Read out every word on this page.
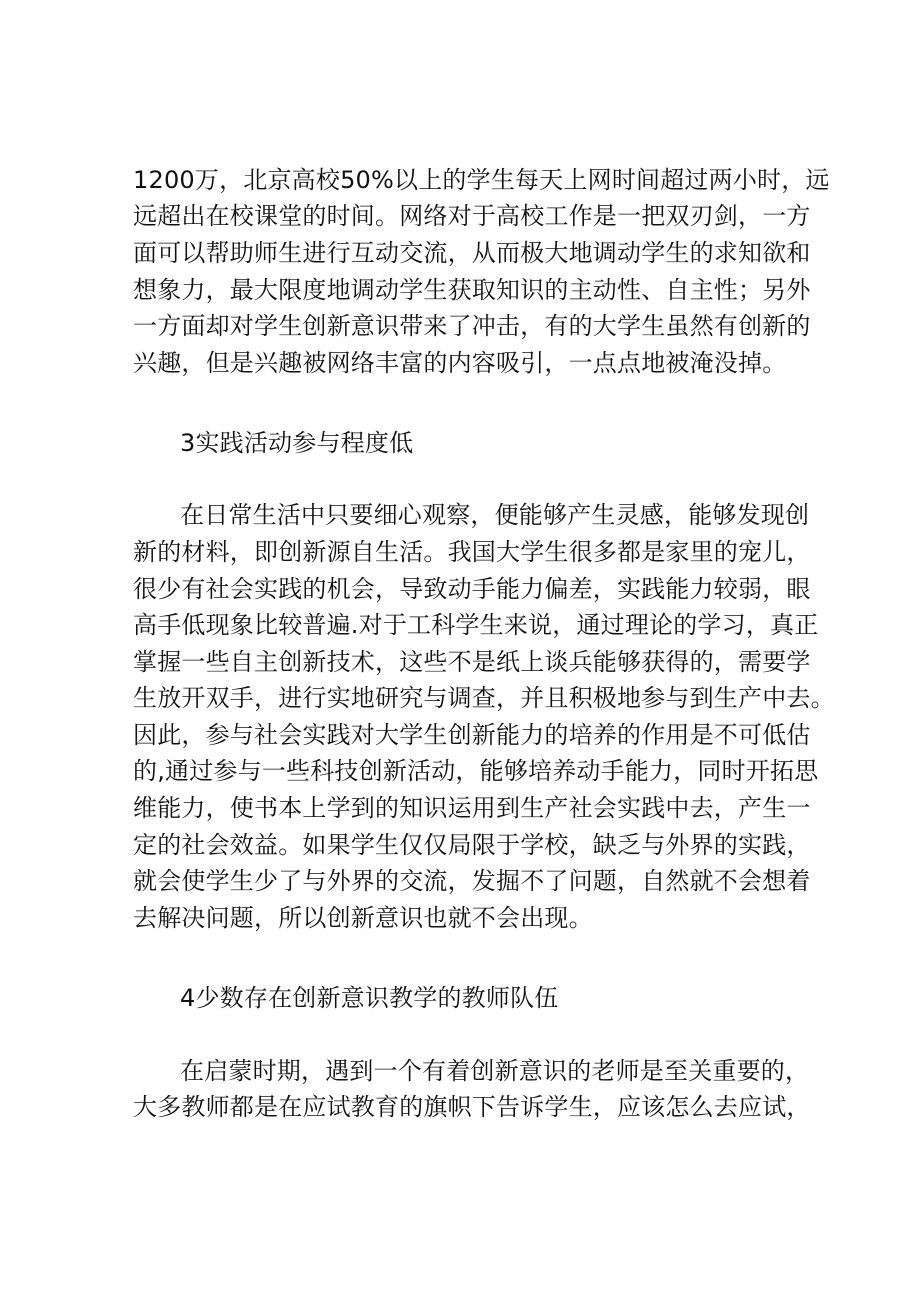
1200万，北京高校50%以上的学生每天上网时间超过两小时，远
远超出在校课堂的时间。网络对于高校工作是一把双刃剑，一方
面可以帮助师生进行互动交流，从而极大地调动学生的求知欲和
想象力，最大限度地调动学生获取知识的主动性、自主性；另外
一方面却对学生创新意识带来了冲击，有的大学生虽然有创新的
兴趣，但是兴趣被网络丰富的内容吸引，一点点地被淹没掉。
3实践活动参与程度低
在日常生活中只要细心观察，便能够产生灵感，能够发现创
新的材料，即创新源自生活。我国大学生很多都是家里的宠儿，
很少有社会实践的机会，导致动手能力偏差，实践能力较弱，眼
高手低现象比较普遍.对于工科学生来说，通过理论的学习，真正
掌握一些自主创新技术，这些不是纸上谈兵能够获得的，需要学
生放开双手，进行实地研究与调查，并且积极地参与到生产中去。
因此，参与社会实践对大学生创新能力的培养的作用是不可低估
的,通过参与一些科技创新活动，能够培养动手能力，同时开拓思
维能力，使书本上学到的知识运用到生产社会实践中去，产生一
定的社会效益。如果学生仅仅局限于学校，缺乏与外界的实践，
就会使学生少了与外界的交流，发掘不了问题，自然就不会想着
去解决问题，所以创新意识也就不会出现。
4少数存在创新意识教学的教师队伍
在启蒙时期，遇到一个有着创新意识的老师是至关重要的，
大多教师都是在应试教育的旗帜下告诉学生，应该怎么去应试，
